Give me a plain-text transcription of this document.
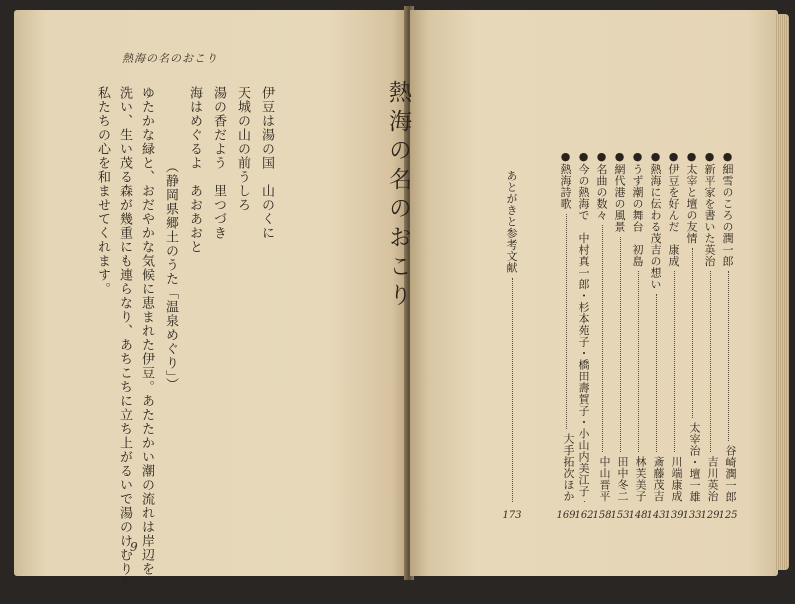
熱海の名のおこり
伊豆は湯の国　山のくに
天城の山の前うしろ
湯の香だよう　里つづき
海はめぐるよ　あおあおと
（静岡県郷土のうた「温泉めぐり」）
ゆたかな緑と、おだやかな気候に恵まれた伊豆。あたたかい潮の流れは岸辺を
洗い、生い茂る森が幾重にも連らなり、あちこちに立ち上がるいで湯のけむりも、
私たちの心を和ませてくれます。
9
熱海の名のおこり	●細雪のころの潤一郎
谷崎潤一郎
125
●新平家を書いた英治
吉川英治
129
●太宰と壇の友情
太宰治・壇一雄
133
●伊豆を好んだ　康成
川端康成
139
●熱海に伝わる茂吉の想い
斎藤茂吉
143
●うず潮の舞台　初島
林芙美子
148
●網代港の風景
田中冬二
153
●名曲の数々
中山晋平
158
●今の熱海で　中村真一郎・杉本苑子・橋田壽賀子・小山内美江子
162
●熱海詩歌
大手拓次ほか
169
あとがきと参考文献
173
